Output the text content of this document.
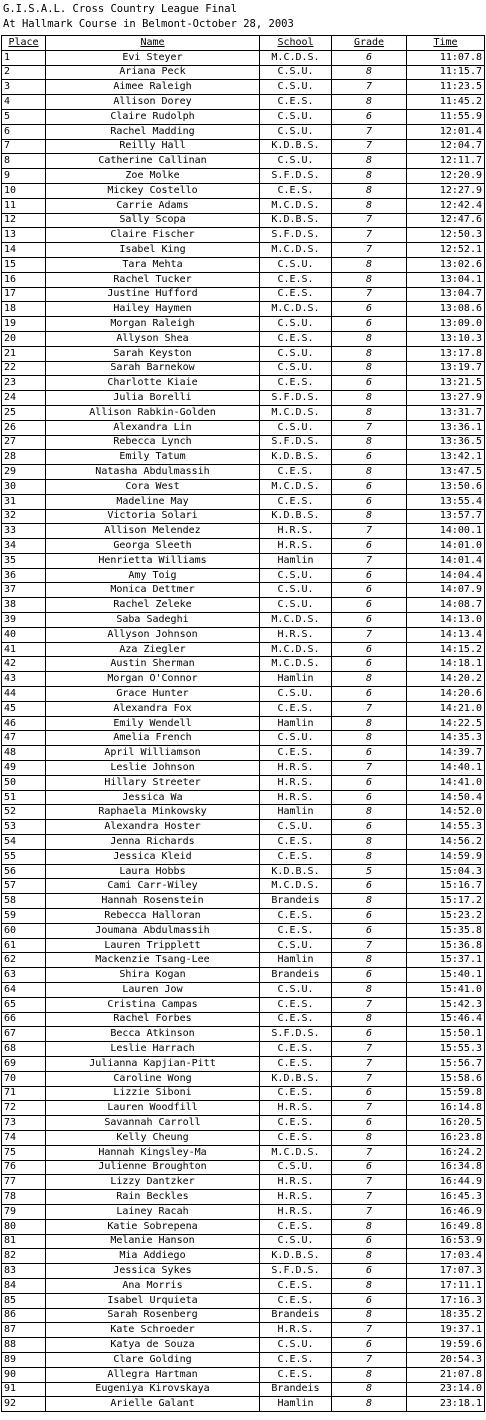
G.I.S.A.L. Cross Country League Final
At Hallmark Course in Belmont-October 28, 2003
Place	Name	School	Grade	Time
1	Evi Steyer	M.C.D.S.	6	11:07.8
2	Ariana Peck	C.S.U.	8	11:15.7
3	Aimee Raleigh	C.S.U.	7	11:23.5
4	Allison Dorey	C.E.S.	8	11:45.2
5	Claire Rudolph	C.S.U.	6	11:55.9
6	Rachel Madding	C.S.U.	7	12:01.4
7	Reilly Hall	K.D.B.S.	7	12:04.7
8	Catherine Callinan	C.S.U.	8	12:11.7
9	Zoe Molke	S.F.D.S.	8	12:20.9
10	Mickey Costello	C.E.S.	8	12:27.9
11	Carrie Adams	M.C.D.S.	8	12:42.4
12	Sally Scopa	K.D.B.S.	7	12:47.6
13	Claire Fischer	S.F.D.S.	7	12:50.3
14	Isabel King	M.C.D.S.	7	12:52.1
15	Tara Mehta	C.S.U.	8	13:02.6
16	Rachel Tucker	C.E.S.	8	13:04.1
17	Justine Hufford	C.E.S.	7	13:04.7
18	Hailey Haymen	M.C.D.S.	6	13:08.6
19	Morgan Raleigh	C.S.U.	6	13:09.0
20	Allyson Shea	C.E.S.	8	13:10.3
21	Sarah Keyston	C.S.U.	8	13:17.8
22	Sarah Barnekow	C.S.U.	8	13:19.7
23	Charlotte Kiaie	C.E.S.	6	13:21.5
24	Julia Borelli	S.F.D.S.	8	13:27.9
25	Allison Rabkin-Golden	M.C.D.S.	8	13:31.7
26	Alexandra Lin	C.S.U.	7	13:36.1
27	Rebecca Lynch	S.F.D.S.	8	13:36.5
28	Emily Tatum	K.D.B.S.	6	13:42.1
29	Natasha Abdulmassih	C.E.S.	8	13:47.5
30	Cora West	M.C.D.S.	6	13:50.6
31	Madeline May	C.E.S.	6	13:55.4
32	Victoria Solari	K.D.B.S.	8	13:57.7
33	Allison Melendez	H.R.S.	7	14:00.1
34	Georga Sleeth	H.R.S.	6	14:01.0
35	Henrietta Williams	Hamlin	7	14:01.4
36	Amy Toig	C.S.U.	6	14:04.4
37	Monica Dettmer	C.S.U.	6	14:07.9
38	Rachel Zeleke	C.S.U.	6	14:08.7
39	Saba Sadeghi	M.C.D.S.	6	14:13.0
40	Allyson Johnson	H.R.S.	7	14:13.4
41	Aza Ziegler	M.C.D.S.	6	14:15.2
42	Austin Sherman	M.C.D.S.	6	14:18.1
43	Morgan O'Connor	Hamlin	8	14:20.2
44	Grace Hunter	C.S.U.	6	14:20.6
45	Alexandra Fox	C.E.S.	7	14:21.0
46	Emily Wendell	Hamlin	8	14:22.5
47	Amelia French	C.S.U.	8	14:35.3
48	April Williamson	C.E.S.	6	14:39.7
49	Leslie Johnson	H.R.S.	7	14:40.1
50	Hillary Streeter	H.R.S.	6	14:41.0
51	Jessica Wa	H.R.S.	6	14:50.4
52	Raphaela Minkowsky	Hamlin	8	14:52.0
53	Alexandra Hoster	C.S.U.	6	14:55.3
54	Jenna Richards	C.E.S.	8	14:56.2
55	Jessica Kleid	C.E.S.	8	14:59.9
56	Laura Hobbs	K.D.B.S.	5	15:04.3
57	Cami Carr-Wiley	M.C.D.S.	6	15:16.7
58	Hannah Rosenstein	Brandeis	8	15:17.2
59	Rebecca Halloran	C.E.S.	6	15:23.2
60	Joumana Abdulmassih	C.E.S.	6	15:35.8
61	Lauren Tripplett	C.S.U.	7	15:36.8
62	Mackenzie Tsang-Lee	Hamlin	8	15:37.1
63	Shira Kogan	Brandeis	6	15:40.1
64	Lauren Jow	C.S.U.	8	15:41.0
65	Cristina Campas	C.E.S.	7	15:42.3
66	Rachel Forbes	C.E.S.	8	15:46.4
67	Becca Atkinson	S.F.D.S.	6	15:50.1
68	Leslie Harrach	C.E.S.	7	15:55.3
69	Julianna Kapjian-Pitt	C.E.S.	7	15:56.7
70	Caroline Wong	K.D.B.S.	7	15:58.6
71	Lizzie Siboni	C.E.S.	6	15:59.8
72	Lauren Woodfill	H.R.S.	7	16:14.8
73	Savannah Carroll	C.E.S.	6	16:20.5
74	Kelly Cheung	C.E.S.	8	16:23.8
75	Hannah Kingsley-Ma	M.C.D.S.	7	16:24.2
76	Julienne Broughton	C.S.U.	6	16:34.8
77	Lizzy Dantzker	H.R.S.	7	16:44.9
78	Rain Beckles	H.R.S.	7	16:45.3
79	Lainey Racah	H.R.S.	7	16:46.9
80	Katie Sobrepena	C.E.S.	8	16:49.8
81	Melanie Hanson	C.S.U.	6	16:53.9
82	Mia Addiego	K.D.B.S.	8	17:03.4
83	Jessica Sykes	S.F.D.S.	6	17:07.3
84	Ana Morris	C.E.S.	8	17:11.1
85	Isabel Urquieta	C.E.S.	6	17:16.3
86	Sarah Rosenberg	Brandeis	8	18:35.2
87	Kate Schroeder	H.R.S.	7	19:37.1
88	Katya de Souza	C.S.U.	6	19:59.6
89	Clare Golding	C.E.S.	7	20:54.3
90	Allegra Hartman	C.E.S.	8	21:07.8
91	Eugeniya Kirovskaya	Brandeis	8	23:14.0
92	Arielle Galant	Hamlin	8	23:18.1
